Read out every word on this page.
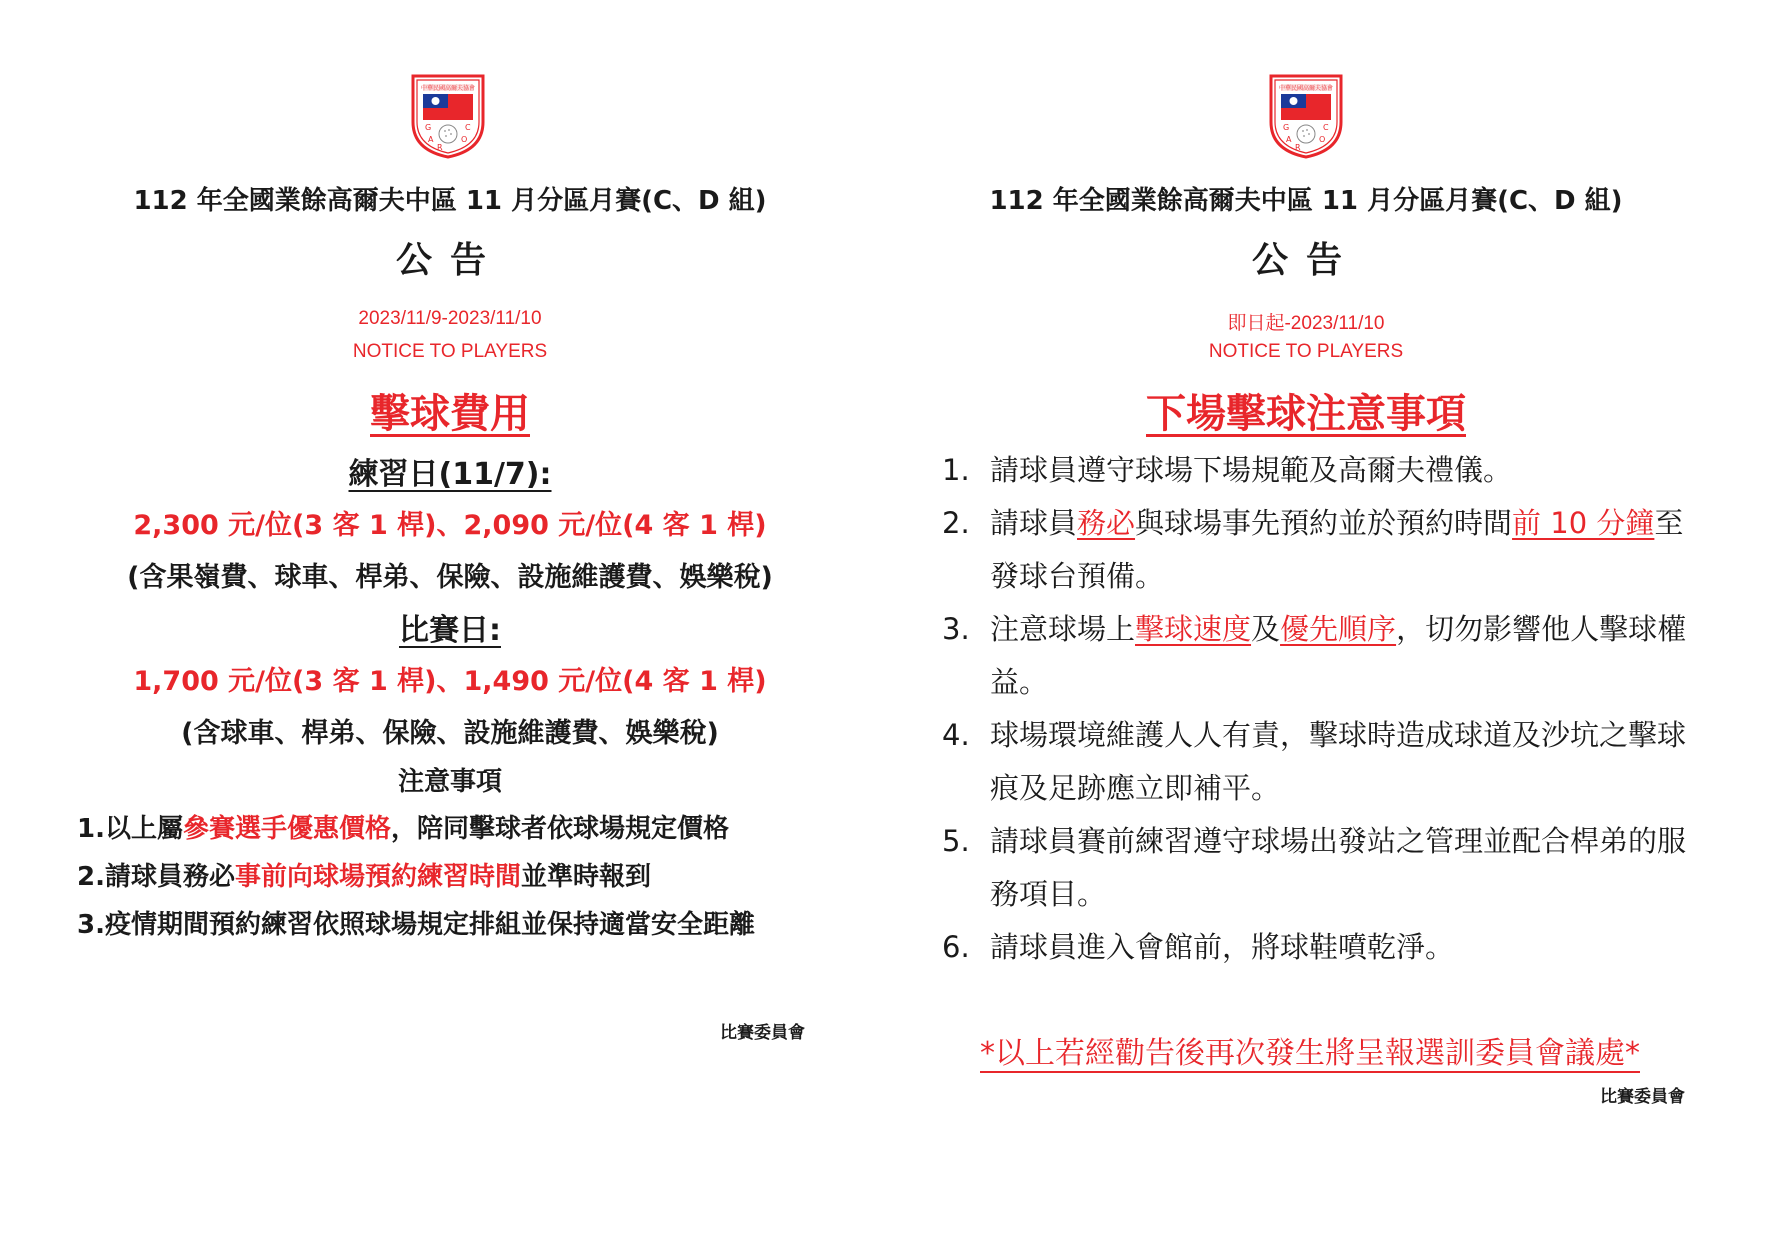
中華民國高爾夫協會
G
A
R
O
C
112 年全國業餘高爾夫中區 11 月分區月賽(C、D 組)
公告
2023/11/9-2023/11/10
NOTICE TO PLAYERS
擊球費用
練習日(11/7):
2,300 元/位(3 客 1 桿)、2,090 元/位(4 客 1 桿)
(含果嶺費、球車、桿弟、保險、設施維護費、娛樂稅)
比賽日:
1,700 元/位(3 客 1 桿)、1,490 元/位(4 客 1 桿)
(含球車、桿弟、保險、設施維護費、娛樂稅)
注意事項
1.以上屬參賽選手優惠價格，陪同擊球者依球場規定價格
2.請球員務必事前向球場預約練習時間並準時報到
3.疫情期間預約練習依照球場規定排組並保持適當安全距離
比賽委員會
中華民國高爾夫協會
G
A
R
O
C
112 年全國業餘高爾夫中區 11 月分區月賽(C、D 組)
公告
即日起-2023/11/10
NOTICE TO PLAYERS
下場擊球注意事項
1. 請球員遵守球場下場規範及高爾夫禮儀。
2. 請球員務必與球場事先預約並於預約時間前 10 分鐘至發球台預備。
3. 注意球場上擊球速度及優先順序，切勿影響他人擊球權益。
4. 球場環境維護人人有責，擊球時造成球道及沙坑之擊球痕及足跡應立即補平。
5. 請球員賽前練習遵守球場出發站之管理並配合桿弟的服務項目。
6. 請球員進入會館前，將球鞋噴乾淨。
*以上若經勸告後再次發生將呈報選訓委員會議處*
比賽委員會
